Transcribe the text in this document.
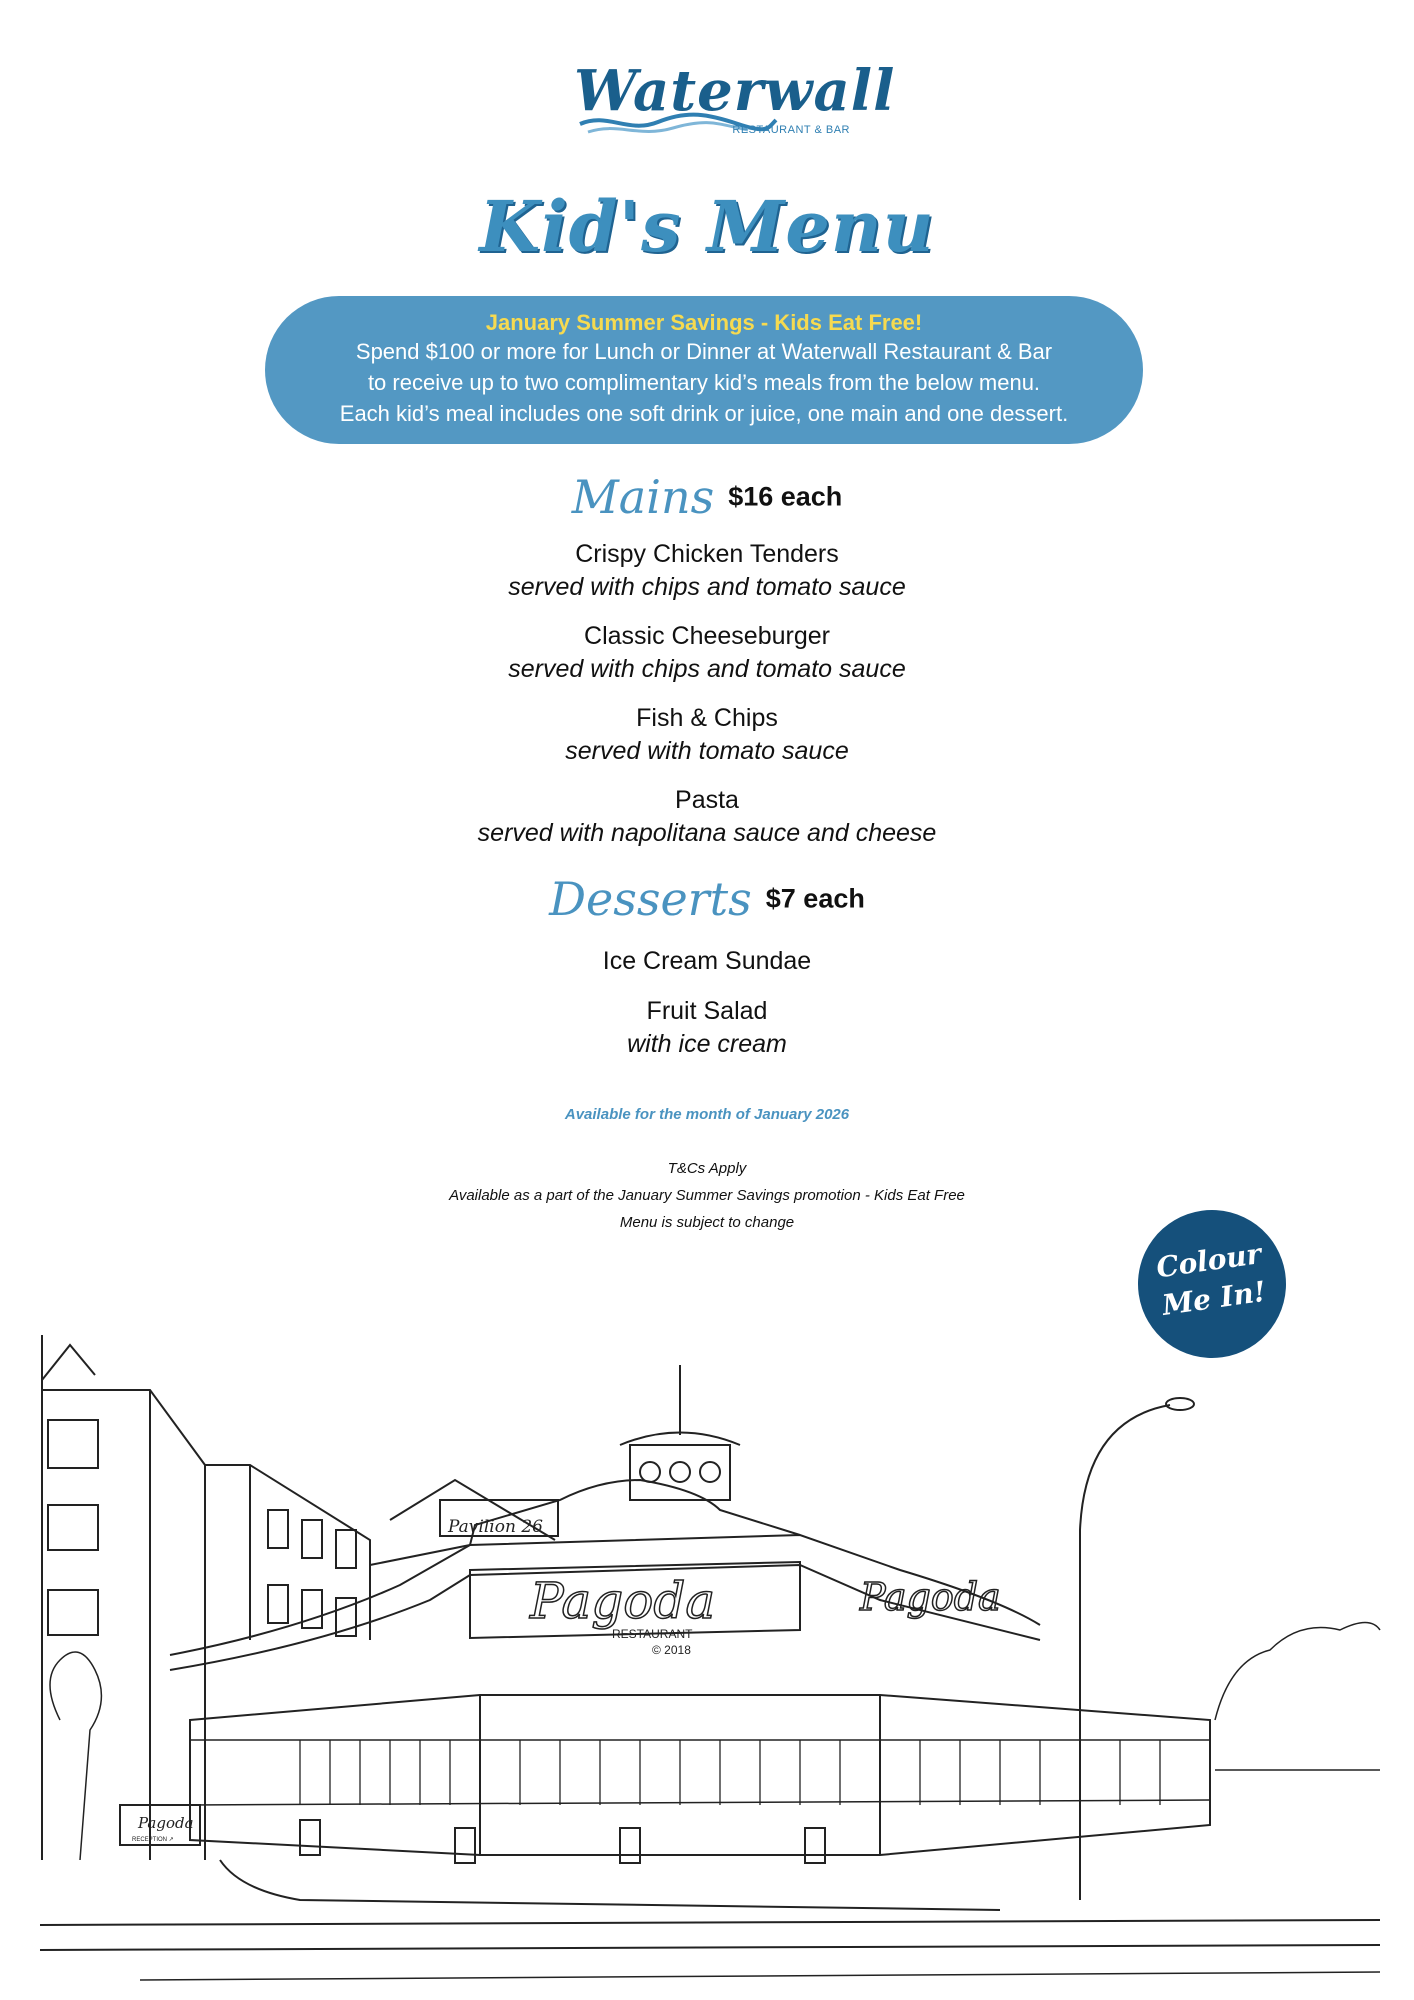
Waterwall
RESTAURANT & BAR
Kid's Menu
January Summer Savings - Kids Eat Free!
Spend $100 or more for Lunch or Dinner at Waterwall Restaurant & Bar
to receive up to two complimentary kid’s meals from the below menu.
Each kid’s meal includes one soft drink or juice, one main and one dessert.
Mains $16 each
Crispy Chicken Tenders
served with chips and tomato sauce
Classic Cheeseburger
served with chips and tomato sauce
Fish & Chips
served with tomato sauce
Pasta
served with napolitana sauce and cheese
Desserts $7 each
Ice Cream Sundae
Fruit Salad
with ice cream
Available for the month of January 2026
T&Cs Apply
Available as a part of the January Summer Savings promotion - Kids Eat Free
Menu is subject to change
Colour
Me In!
Pavilion 26
Pagoda
RESTAURANT
© 2018
Pagoda
Pagoda
RECEPTION ↗
